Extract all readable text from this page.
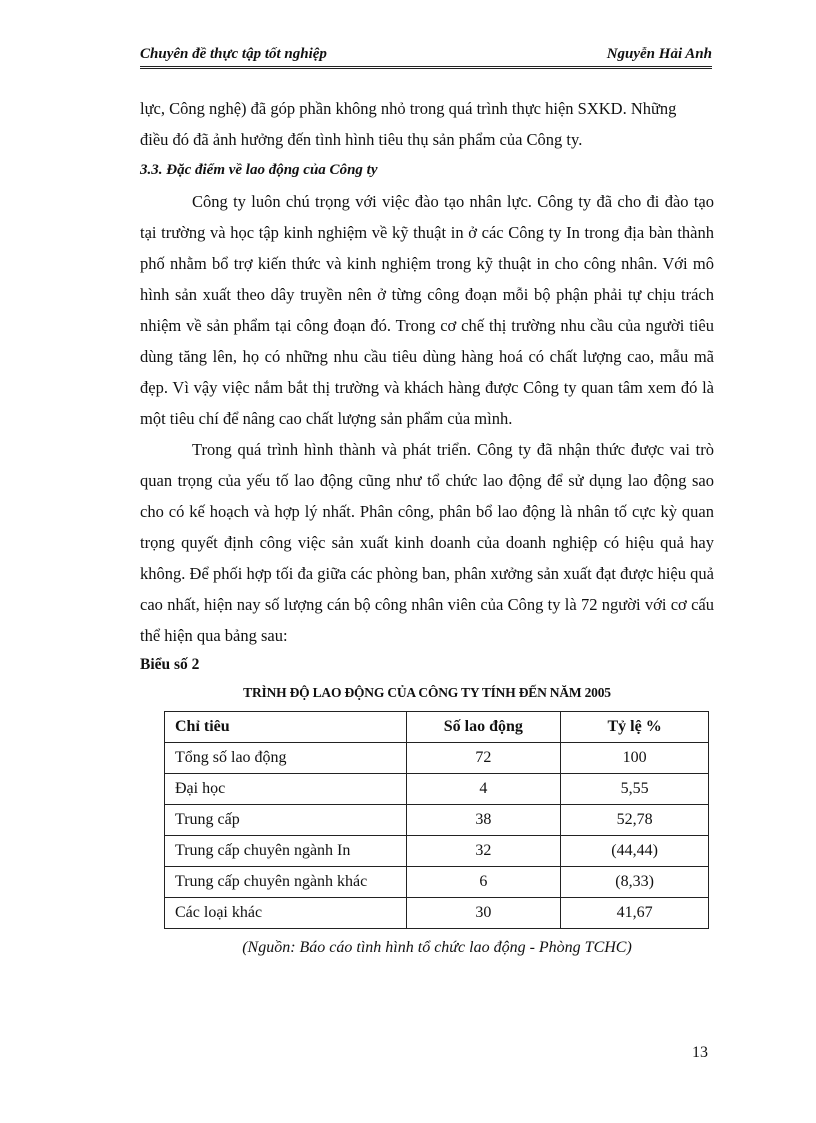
Chuyên đề thực tập tốt nghiệp	Nguyễn Hải Anh

lực, Công nghệ) đã góp phần không nhỏ trong quá trình thực hiện SXKD. Những

điều đó đã ảnh hưởng đến tình hình tiêu thụ sản phẩm của Công ty.

3.3. Đặc điểm về lao động của Công ty

Công ty luôn chú trọng với việc đào tạo nhân lực. Công ty đã cho đi đào tạo tại trường và học tập kinh nghiệm về kỹ thuật in ở các Công ty In trong địa bàn thành phố nhằm bổ trợ kiến thức và kinh nghiệm trong kỹ thuật in cho công nhân. Với mô hình sản xuất theo dây truyền nên ở từng công đoạn mỗi bộ phận phải tự chịu trách nhiệm về sản phẩm tại công đoạn đó. Trong cơ chế thị trường nhu cầu của người tiêu dùng tăng lên, họ có những nhu cầu tiêu dùng hàng hoá có chất lượng cao, mẫu mã đẹp. Vì vậy việc nắm bắt thị trường và khách hàng được Công ty quan tâm xem đó là một tiêu chí để nâng cao chất lượng sản phẩm của mình.

Trong quá trình hình thành và phát triển. Công ty đã nhận thức được vai trò quan trọng của yếu tố lao động cũng như tổ chức lao động để sử dụng lao động sao cho có kế hoạch và hợp lý nhất. Phân công, phân bổ lao động là nhân tố cực kỳ quan trọng quyết định công việc sản xuất kinh doanh của doanh nghiệp có hiệu quả hay không. Để phối hợp tối đa giữa các phòng ban, phân xưởng sản xuất đạt được hiệu quả cao nhất, hiện nay số lượng cán bộ công nhân viên của Công ty là 72 người với cơ cấu thể hiện qua bảng sau:

Biểu số 2

TRÌNH ĐỘ LAO ĐỘNG CỦA CÔNG TY TÍNH ĐẾN NĂM 2005

Chỉ tiêu	Số lao động	Tỷ lệ %
Tổng số lao động	72	100
Đại học	4	5,55
Trung cấp	38	52,78
Trung cấp chuyên ngành In	32	(44,44)
Trung cấp chuyên ngành khác	6	(8,33)
Các loại khác	30	41,67
(Nguồn: Báo cáo tình hình tổ chức lao động - Phòng TCHC)
13
